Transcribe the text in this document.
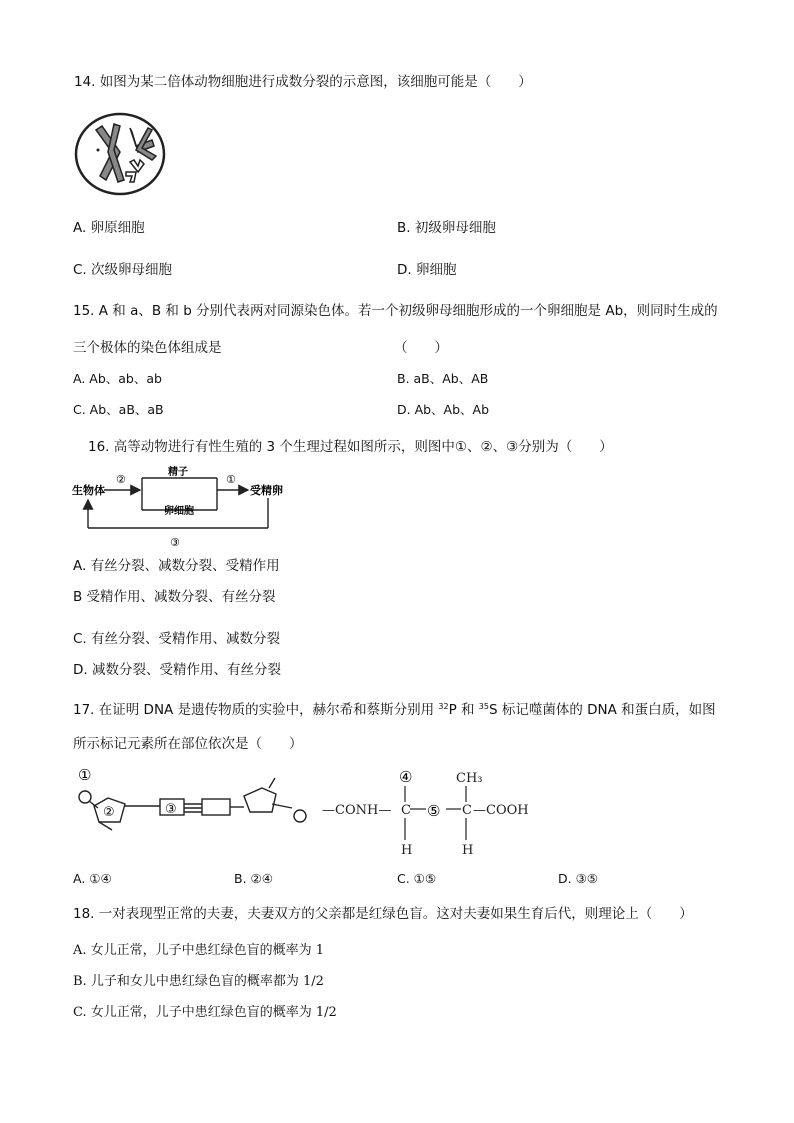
14. 如图为某二倍体动物细胞进行成数分裂的示意图，该细胞可能是（　　）
A. 卵原细胞	B. 初级卵母细胞
C. 次级卵母细胞	D. 卵细胞
15. A 和 a、B 和 b 分别代表两对同源染色体。若一个初级卵母细胞形成的一个卵细胞是 Ab，则同时生成的
三个极体的染色体组成是	（　　）
A. Ab、ab、ab	B. aB、Ab、AB
C. Ab、aB、aB	D. Ab、Ab、Ab
16. 高等动物进行有性生殖的 3 个生理过程如图所示，则图中①、②、③分别为（　　）
生物体
②
精子
卵细胞
①
受精卵
③
A. 有丝分裂、减数分裂、受精作用
B 受精作用、减数分裂、有丝分裂
C. 有丝分裂、受精作用、减数分裂
D. 减数分裂、受精作用、有丝分裂
17. 在证明 DNA 是遗传物质的实验中，赫尔希和蔡斯分别用 $^{32}$P 和 $^{35}$S 标记噬菌体的 DNA 和蛋白质，如图
所示标记元素所在部位依次是（　　）
①
②	③	—CONH— C	C —COOH
H	H
CH₃
④
⑤
A. ①④	B. ②④	C. ①⑤	D. ③⑤
18. 一对表现型正常的夫妻，夫妻双方的父亲都是红绿色盲。这对夫妻如果生育后代，则理论上（　　）
A. 女儿正常，儿子中患红绿色盲的概率为 1
B. 儿子和女儿中患红绿色盲的概率都为 1/2
C. 女儿正常，儿子中患红绿色盲的概率为 1/2
